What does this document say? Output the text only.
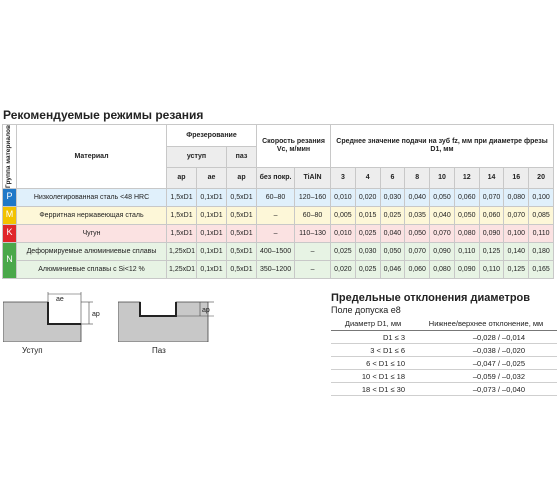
Рекомендуемые режимы резания
Группа материалов	Материал	Фрезерование			Скорость резания Vс, м/мин		Среднее значение подачи на зуб fz, мм при диаметре фрезы D1, мм								
		уступ		паз											
		ap	ae	ap	без покр.	TiAlN	3	4	6	8	10	12	14	16	20
P	Низколегированная сталь <48 HRC	1,5xD1	0,1xD1	0,5xD1	60–80	120–160	0,010	0,020	0,030	0,040	0,050	0,060	0,070	0,080	0,100
M	Ферритная нержавеющая сталь	1,5xD1	0,1xD1	0,5xD1	–	60–80	0,005	0,015	0,025	0,035	0,040	0,050	0,060	0,070	0,085
K	Чугун	1,5xD1	0,1xD1	0,5xD1	–	110–130	0,010	0,025	0,040	0,050	0,070	0,080	0,090	0,100	0,110
N	Деформируемые алюминиевые сплавы	1,25xD1	0,1xD1	0,5xD1	400–1500	–	0,025	0,030	0,050	0,070	0,090	0,110	0,125	0,140	0,180
	Алюминиевые сплавы с Si<12 %	1,25xD1	0,1xD1	0,5xD1	350–1200	–	0,020	0,025	0,046	0,060	0,080	0,090	0,110	0,125	0,165
ae
ap
Уступ
ap
Паз
Предельные отклонения диаметров
Поле допуска e8
Диаметр D1, мм	Нижнее/верхнее отклонение, мм
D1 ≤ 3	–0,028 / –0,014
3 < D1 ≤ 6	–0,038 / –0,020
6 < D1 ≤ 10	–0,047 / –0,025
10 < D1 ≤ 18	–0,059 / –0,032
18 < D1 ≤ 30	–0,073 / –0,040
